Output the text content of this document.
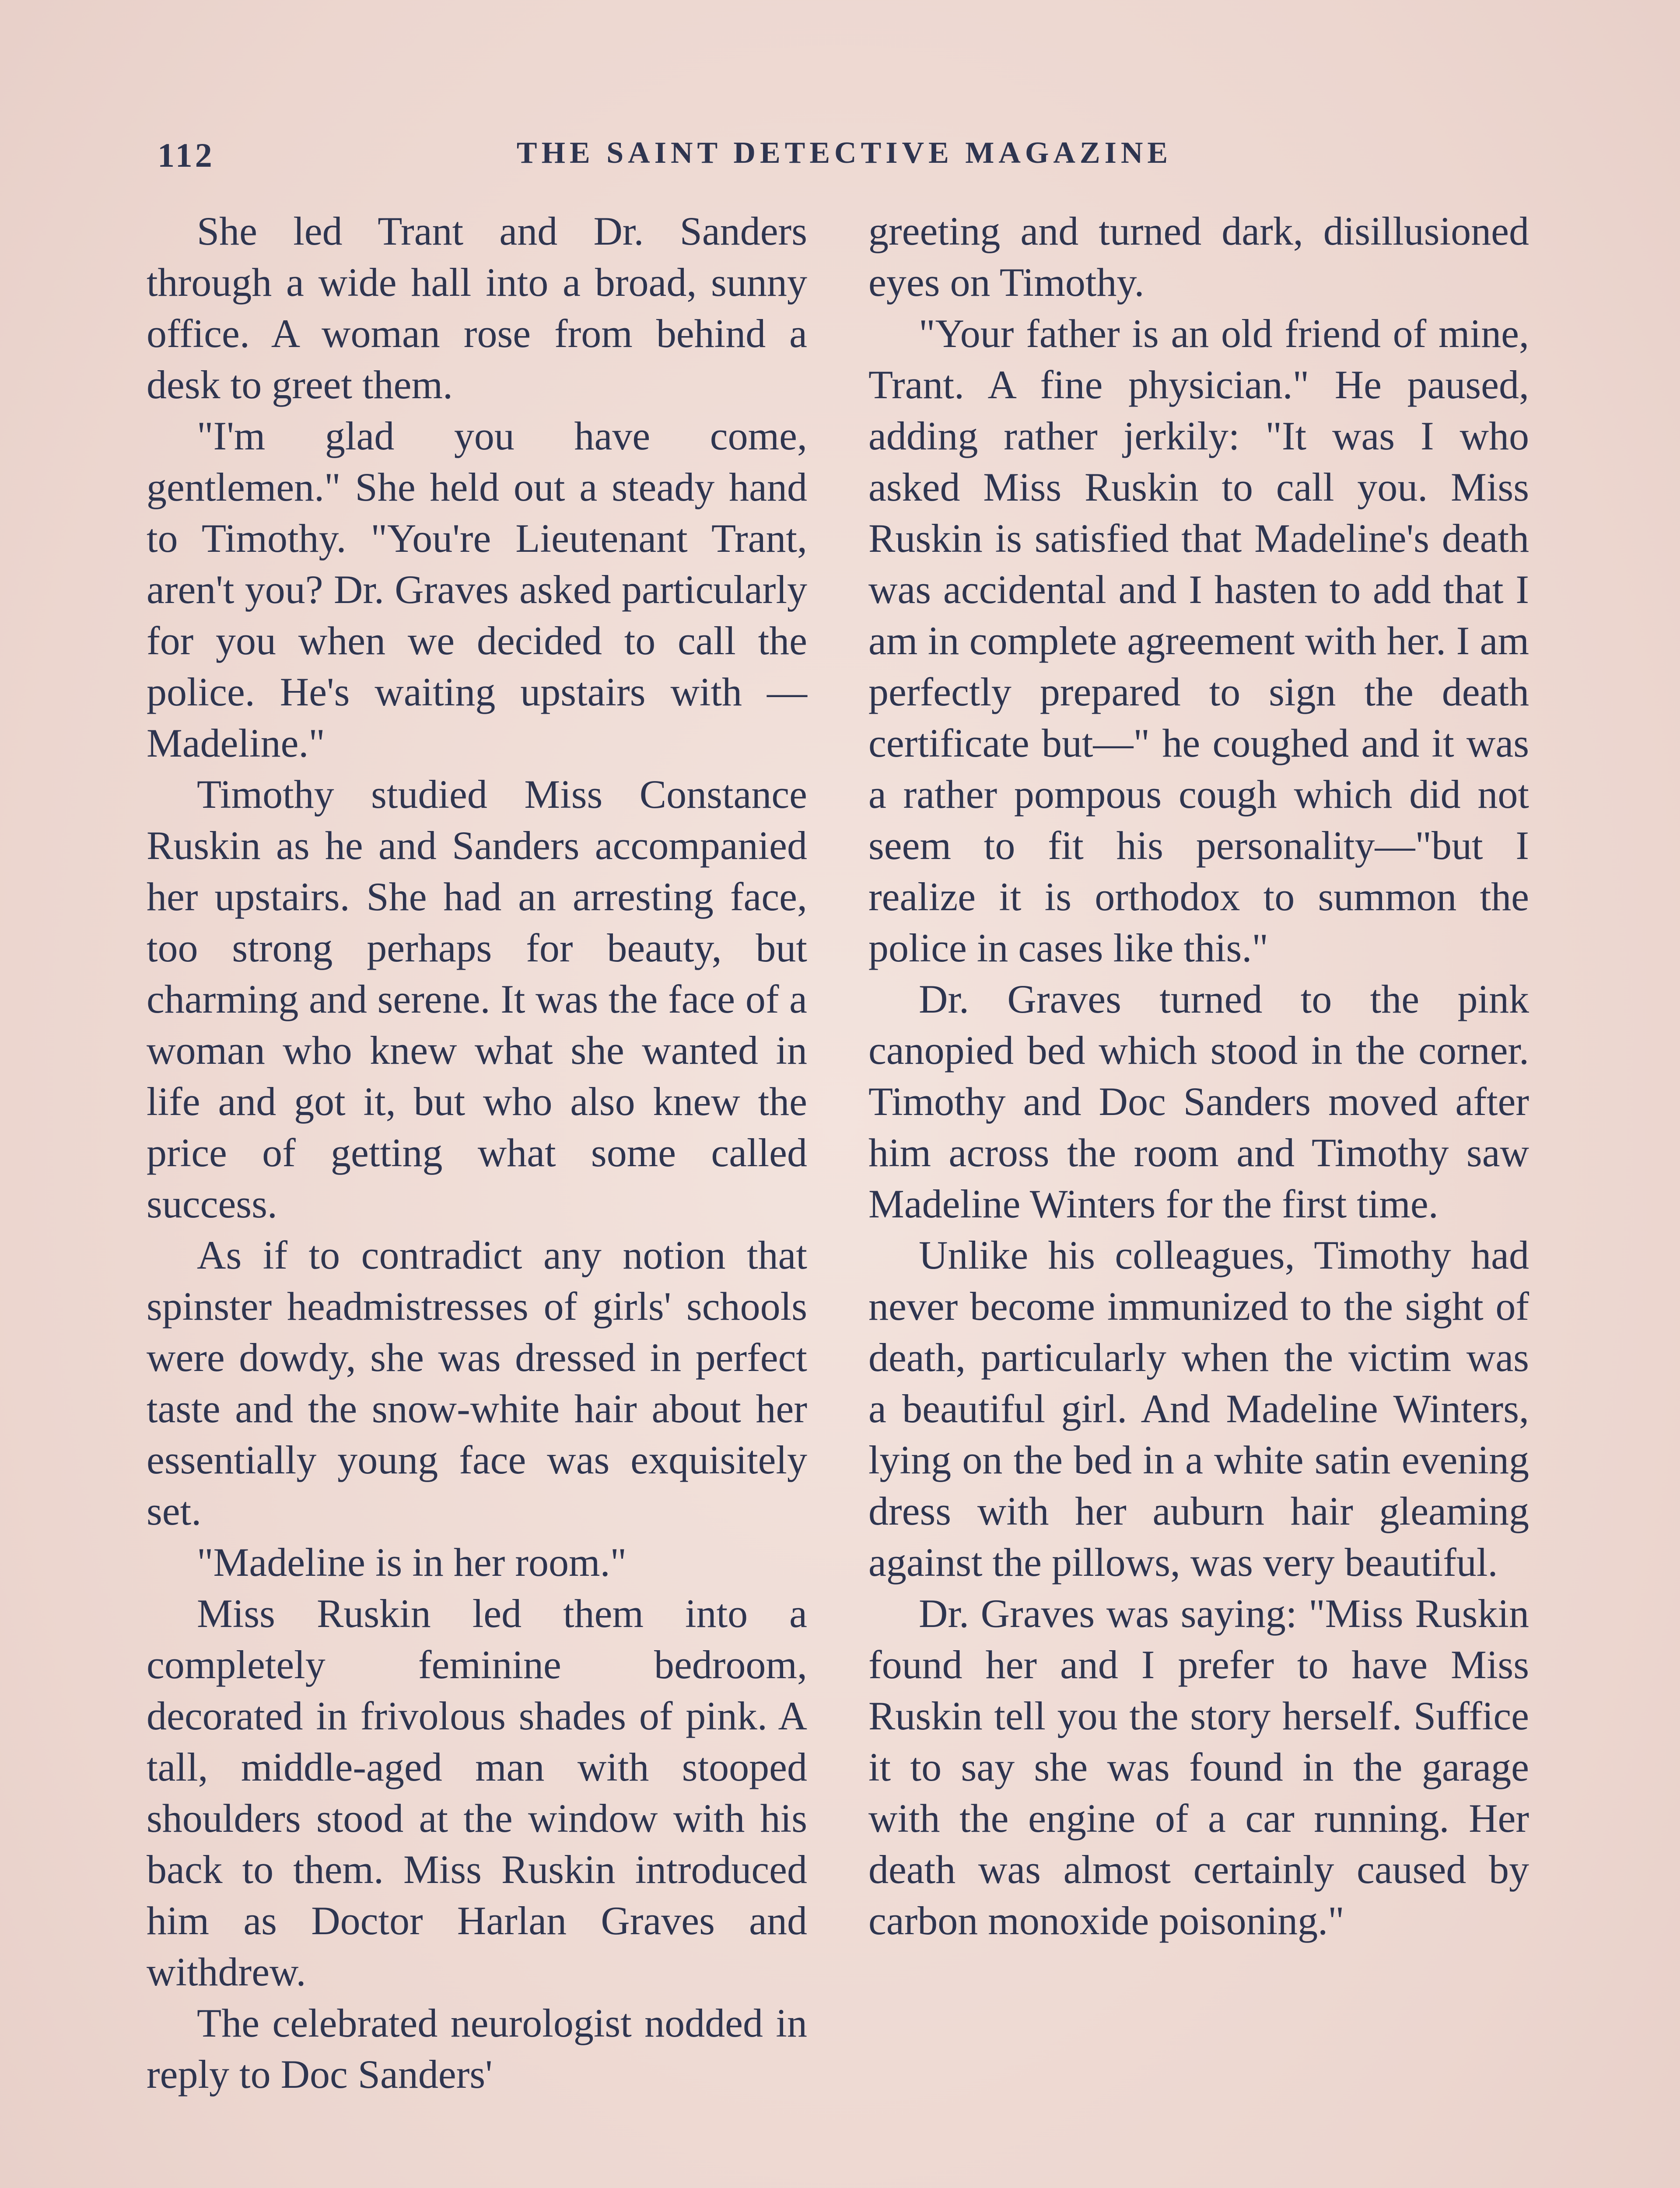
112	THE SAINT DETECTIVE MAGAZINE

She led Trant and Dr. Sanders through a wide hall into a broad, sunny office. A woman rose from behind a desk to greet them.

"I'm glad you have come, gentlemen." She held out a steady hand to Timothy. "You're Lieutenant Trant, aren't you? Dr. Graves asked particularly for you when we decided to call the police. He's waiting upstairs with —Madeline."

Timothy studied Miss Constance Ruskin as he and Sanders accompanied her upstairs. She had an arresting face, too strong perhaps for beauty, but charming and serene. It was the face of a woman who knew what she wanted in life and got it, but who also knew the price of getting what some called success.

As if to contradict any notion that spinster headmistresses of girls' schools were dowdy, she was dressed in perfect taste and the snow-white hair about her essentially young face was exquisitely set.

"Madeline is in her room."

Miss Ruskin led them into a completely feminine bedroom, decorated in frivolous shades of pink. A tall, middle-aged man with stooped shoulders stood at the window with his back to them. Miss Ruskin introduced him as Doctor Harlan Graves and withdrew.

The celebrated neurologist nodded in reply to Doc Sanders'

greeting and turned dark, disillusioned eyes on Timothy.

"Your father is an old friend of mine, Trant. A fine physician." He paused, adding rather jerkily: "It was I who asked Miss Ruskin to call you. Miss Ruskin is satisfied that Madeline's death was accidental and I hasten to add that I am in complete agreement with her. I am perfectly prepared to sign the death certificate but—" he coughed and it was a rather pompous cough which did not seem to fit his personality—"but I realize it is orthodox to summon the police in cases like this."

Dr. Graves turned to the pink canopied bed which stood in the corner. Timothy and Doc Sanders moved after him across the room and Timothy saw Madeline Winters for the first time.

Unlike his colleagues, Timothy had never become immunized to the sight of death, particularly when the victim was a beautiful girl. And Madeline Winters, lying on the bed in a white satin evening dress with her auburn hair gleaming against the pillows, was very beautiful.

Dr. Graves was saying: "Miss Ruskin found her and I prefer to have Miss Ruskin tell you the story herself. Suffice it to say she was found in the garage with the engine of a car running. Her death was almost certainly caused by carbon monoxide poisoning."
